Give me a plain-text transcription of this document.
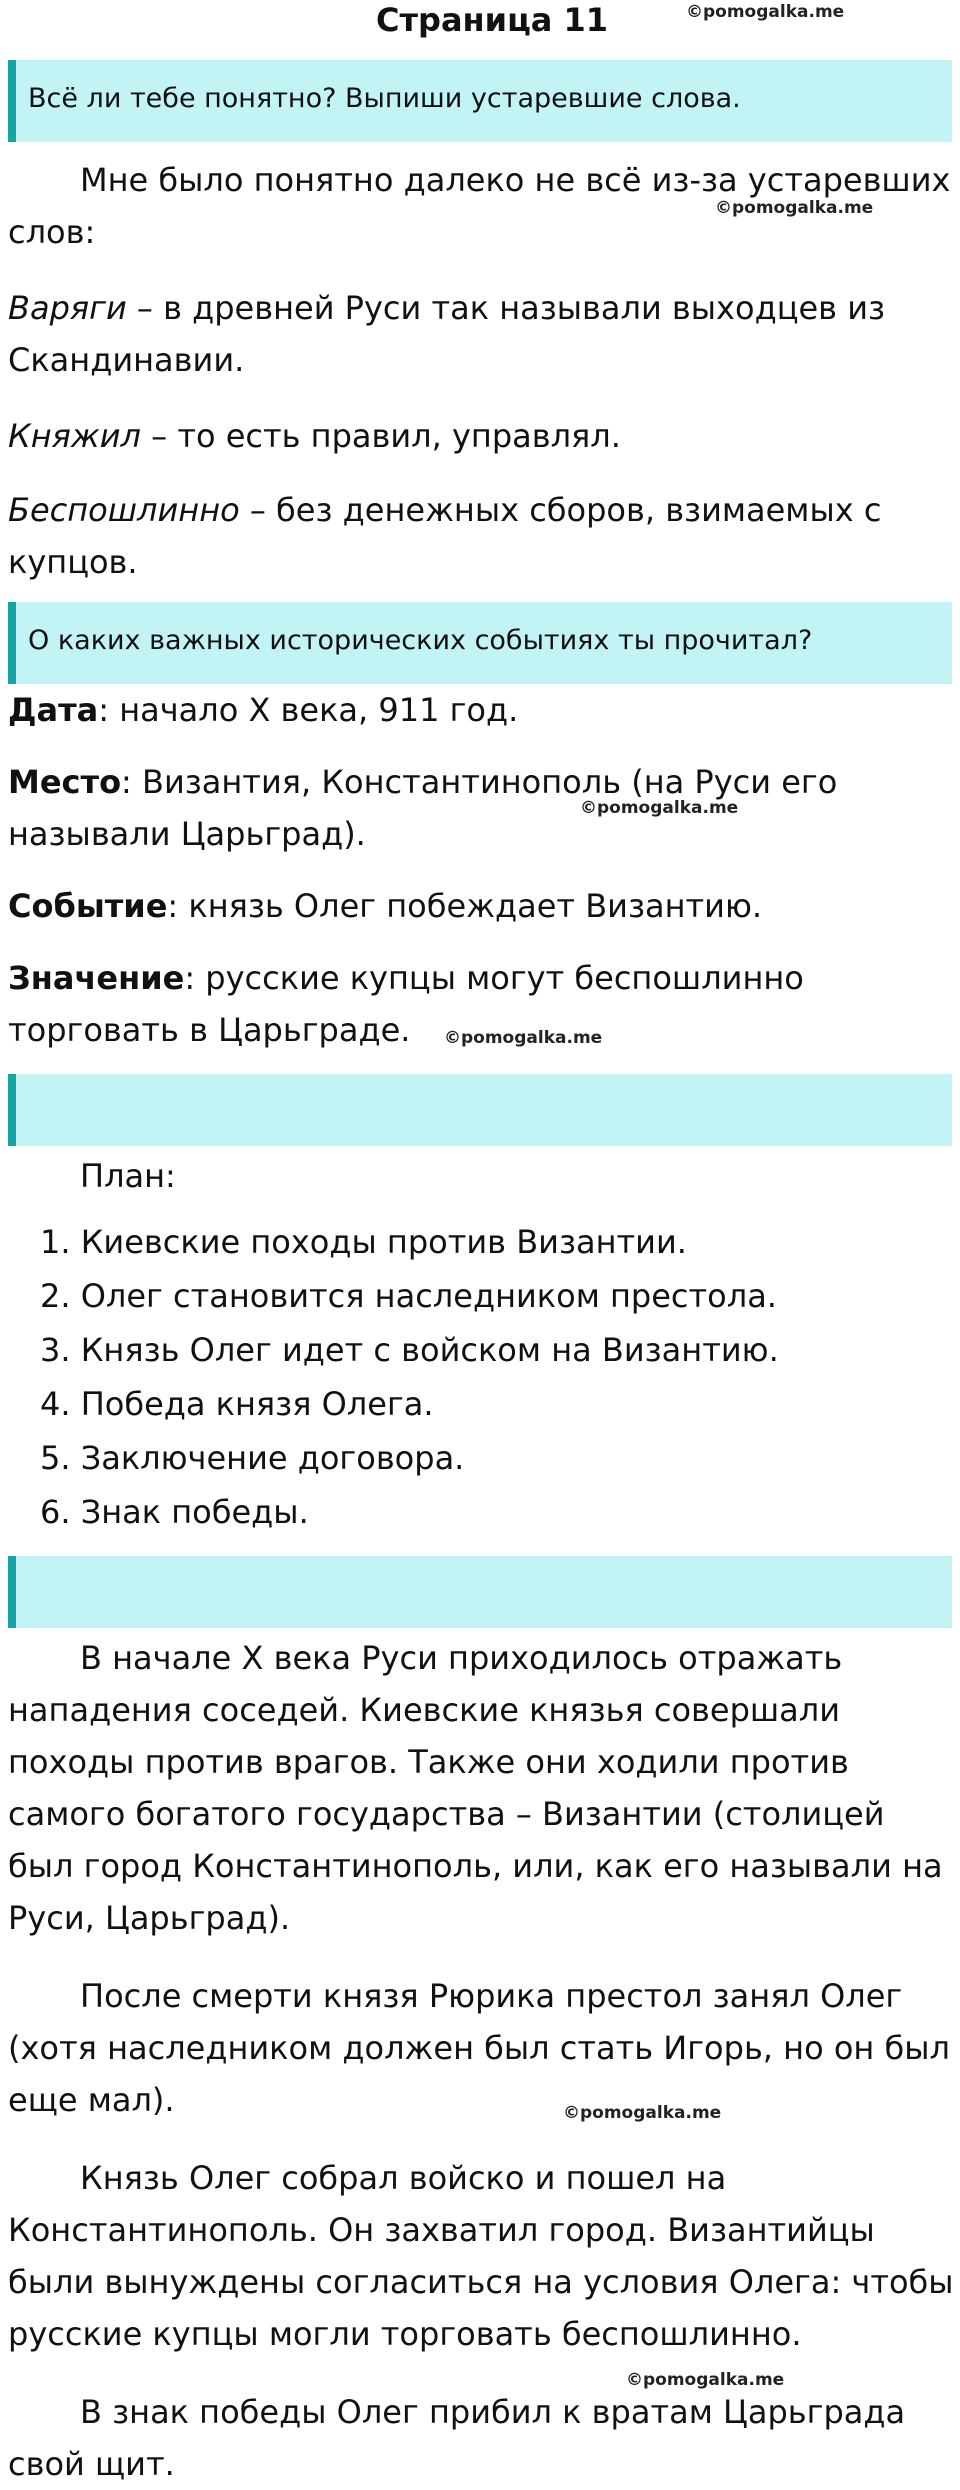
Страница 11	©pomogalka.me
Всё ли тебе понятно? Выпиши устаревшие слова.
Мне было понятно далеко не всё из-за устаревших слов:
©pomogalka.me
Варяги – в древней Руси так называли выходцев из Скандинавии.
Княжил – то есть правил, управлял.
Беспошлинно – без денежных сборов, взимаемых с купцов.
О каких важных исторических событиях ты прочитал?
Дата: начало X века, 911 год.
Место: Византия, Константинополь (на Руси его называли Царьград).
©pomogalka.me
Событие: князь Олег побеждает Византию.
Значение: русские купцы могут беспошлинно торговать в Царьграде.	©pomogalka.me
План:
1. Киевские походы против Византии.
2. Олег становится наследником престола.
3. Князь Олег идет с войском на Византию.
4. Победа князя Олега.
5. Заключение договора.
6. Знак победы.
В начале X века Руси приходилось отражать нападения соседей. Киевские князья совершали походы против врагов. Также они ходили против самого богатого государства – Византии (столицей был город Константинополь, или, как его называли на Руси, Царьград).
После смерти князя Рюрика престол занял Олег (хотя наследником должен был стать Игорь, но он был еще мал).	©pomogalka.me
Князь Олег собрал войско и пошел на Константинополь. Он захватил город. Византийцы были вынуждены согласиться на условия Олега: чтобы русские купцы могли торговать беспошлинно.
©pomogalka.me
В знак победы Олег прибил к вратам Царьграда свой щит.
